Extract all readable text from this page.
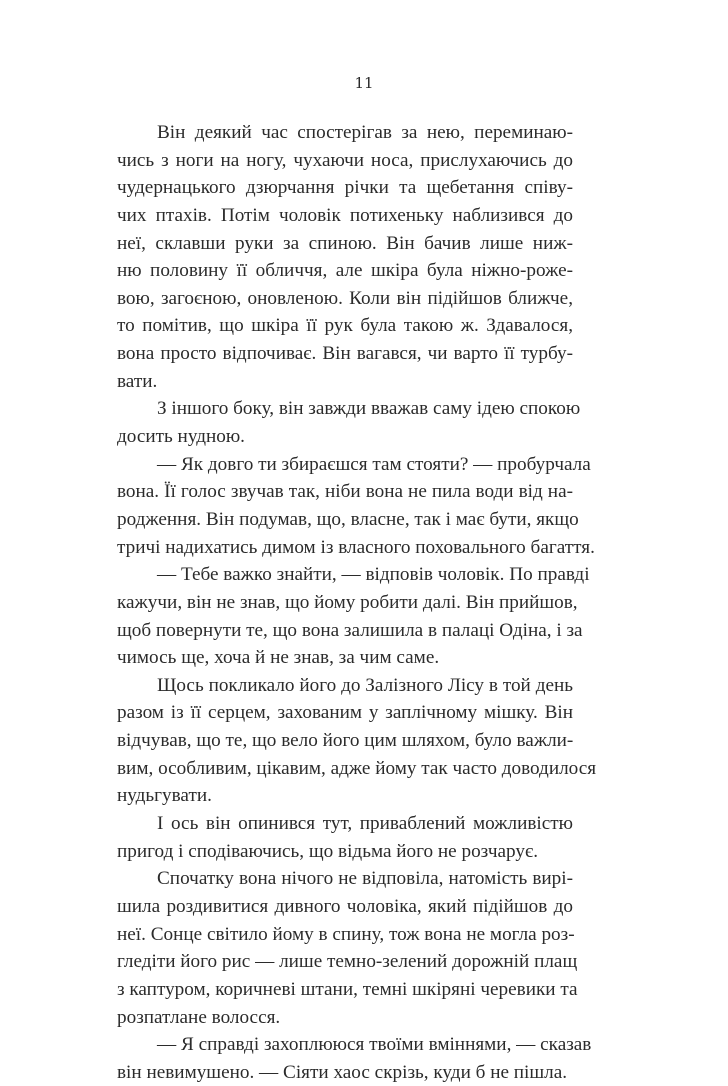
11
Він деякий час спостерігав за нею, переминаю-
чись з ноги на ногу, чухаючи носа, прислухаючись до
чудернацького дзюрчання річки та щебетання співу-
чих птахів. Потім чоловік потихеньку наблизився до
неї, склавши руки за спиною. Він бачив лише ниж-
ню половину її обличчя, але шкіра була ніжно-роже-
вою, загоєною, оновленою. Коли він підійшов ближче,
то помітив, що шкіра її рук була такою ж. Здавалося,
вона просто відпочиває. Він вагався, чи варто її турбу-
вати.
З іншого боку, він завжди вважав саму ідею спокою
досить нудною.
— Як довго ти збираєшся там стояти? — пробурчала
вона. Її голос звучав так, ніби вона не пила води від на-
родження. Він подумав, що, власне, так і має бути, якщо
тричі надихатись димом із власного поховального багаття.
— Тебе важко знайти, — відповів чоловік. По правді
кажучи, він не знав, що йому робити далі. Він прийшов,
щоб повернути те, що вона залишила в палаці Одіна, і за
чимось ще, хоча й не знав, за чим саме.
Щось покликало його до Залізного Лісу в той день
разом із її серцем, захованим у заплічному мішку. Він
відчував, що те, що вело його цим шляхом, було важли-
вим, особливим, цікавим, адже йому так часто доводилося
нудьгувати.
І ось він опинився тут, приваблений можливістю
пригод і сподіваючись, що відьма його не розчарує.
Спочатку вона нічого не відповіла, натомість вирі-
шила роздивитися дивного чоловіка, який підійшов до
неї. Сонце світило йому в спину, тож вона не могла роз-
гледіти його рис — лише темно-зелений дорожній плащ
з каптуром, коричневі штани, темні шкіряні черевики та
розпатлане волосся.
— Я справді захоплююся твоїми вміннями, — сказав
він невимушено. — Сіяти хаос скрізь, куди б не пішла.
